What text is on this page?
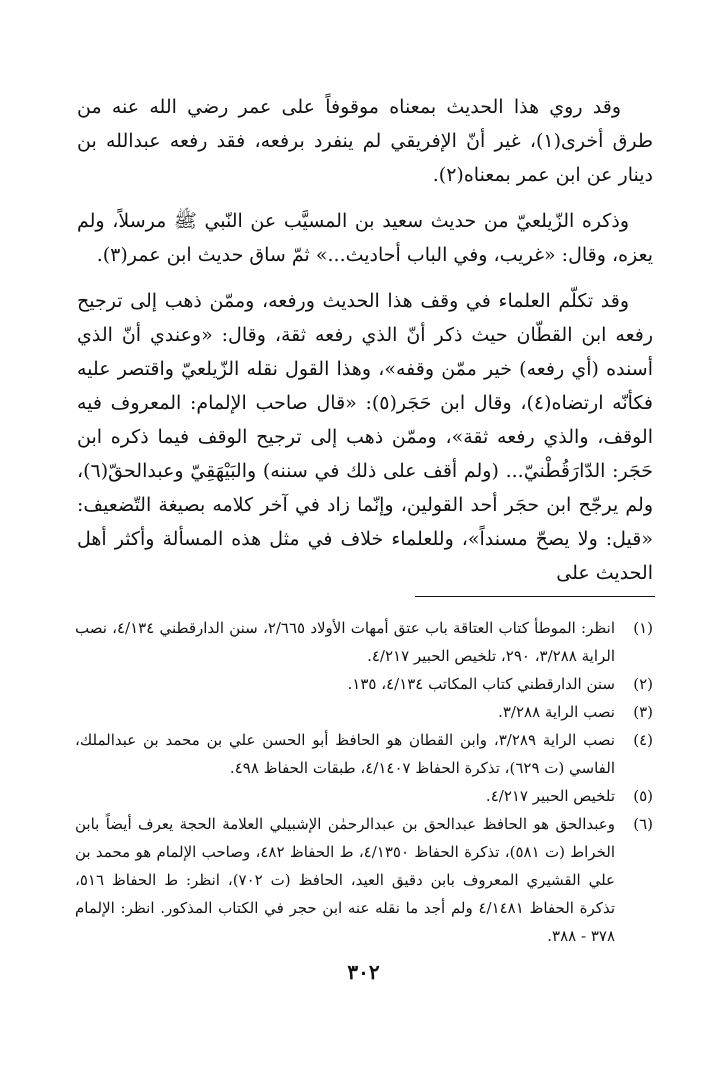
وقد روي هذا الحديث بمعناه موقوفاً على عمر رضي الله عنه من طرق أخرى(١)، غير أنّ الإفريقي لم ينفرد برفعه، فقد رفعه عبدالله بن دينار عن ابن عمر بمعناه(٢).

وذكره الزّيلعيّ من حديث سعيد بن المسيَّب عن النّبي ﷺ مرسلاً، ولم يعزه، وقال: «غريب، وفي الباب أحاديث...» ثمّ ساق حديث ابن عمر(٣).

وقد تكلّم العلماء في وقف هذا الحديث ورفعه، وممّن ذهب إلى ترجيح رفعه ابن القطّان حيث ذكر أنّ الذي رفعه ثقة، وقال: «وعندي أنّ الذي أسنده (أي رفعه) خير ممّن وقفه»، وهذا القول نقله الزّيلعيّ واقتصر عليه فكأنّه ارتضاه(٤)، وقال ابن حَجَر(٥): «قال صاحب الإلمام: المعروف فيه الوقف، والذي رفعه ثقة»، وممّن ذهب إلى ترجيح الوقف فيما ذكره ابن حَجَر: الدّارَقُطْنيّ... (ولم أقف على ذلك في سننه) والبَيْهَقِيّ وعبدالحقّ(٦)، ولم يرجّح ابن حجَر أحد القولين، وإنّما زاد في آخر كلامه بصيغة التّضعيف: «قيل: ولا يصحّ مسنداً»، وللعلماء خلاف في مثل هذه المسألة وأكثر أهل الحديث على

(١)
انظر: الموطأ كتاب العتاقة باب عتق أمهات الأولاد ٢/٦٦٥، سنن الدارقطني ٤/١٣٤، نصب الراية ٣/٢٨٨، ٢٩٠، تلخيص الحبير ٤/٢١٧.
(٢)
سنن الدارقطني كتاب المكاتب ٤/١٣٤، ١٣٥.
(٣)
نصب الراية ٣/٢٨٨.
(٤)
نصب الراية ٣/٢٨٩، وابن القطان هو الحافظ أبو الحسن علي بن محمد بن عبدالملك، الفاسي (ت ٦٢٩)، تذكرة الحفاظ ٤/١٤٠٧، طبقات الحفاظ ٤٩٨.
(٥)
تلخيص الحبير ٤/٢١٧.
(٦)
وعبدالحق هو الحافظ عبدالحق بن عبدالرحمٰن الإشبيلي العلامة الحجة يعرف أيضاً بابن الخراط (ت ٥٨١)، تذكرة الحفاظ ٤/١٣٥٠، ط الحفاظ ٤٨٢، وصاحب الإلمام هو محمد بن علي القشيري المعروف بابن دقيق العيد، الحافظ (ت ٧٠٢)، انظر: ط الحفاظ ٥١٦، تذكرة الحفاظ ٤/١٤٨١ ولم أجد ما نقله عنه ابن حجر في الكتاب المذكور. انظر: الإلمام ٣٧٨ - ٣٨٨.
٣٠٢
